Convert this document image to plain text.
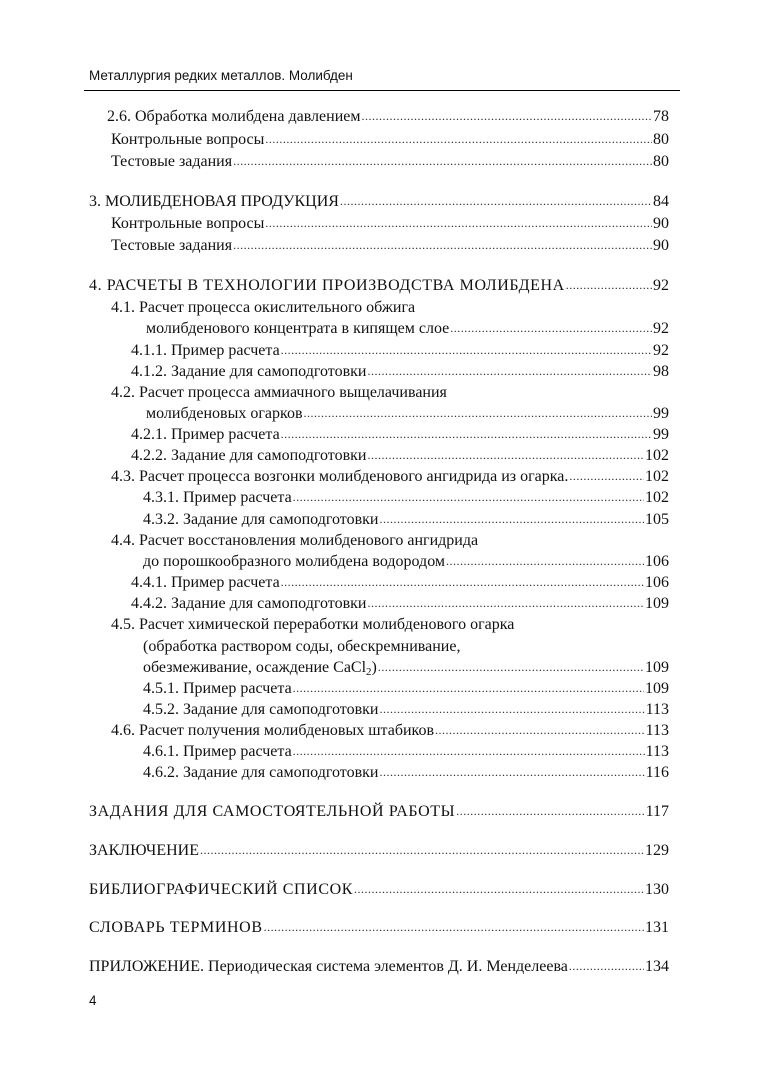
Металлургия редких металлов. Молибден
2.6. Обработка молибдена давлением .....	78
Контрольные вопросы .....	80
Тестовые задания .....	80
3. МОЛИБДЕНОВАЯ ПРОДУКЦИЯ .....	84
Контрольные вопросы .....	90
Тестовые задания .....	90
4. РАСЧЕТЫ В ТЕХНОЛОГИИ ПРОИЗВОДСТВА МОЛИБДЕНА .....	92
4.1. Расчет процесса окислительного обжига
молибденового концентрата в кипящем слое .....	92
4.1.1. Пример расчета .....	92
4.1.2. Задание для самоподготовки .....	98
4.2. Расчет процесса аммиачного выщелачивания
молибденовых огарков .....	99
4.2.1. Пример расчета .....	99
4.2.2. Задание для самоподготовки .....	102
4.3. Расчет процесса возгонки молибденового ангидрида из огарка. .....	102
4.3.1. Пример расчета .....	102
4.3.2. Задание для самоподготовки .....	105
4.4. Расчет восстановления молибденового ангидрида
до порошкообразного молибдена водородом .....	106
4.4.1. Пример расчета .....	106
4.4.2. Задание для самоподготовки .....	109
4.5. Расчет химической переработки молибденового огарка
(обработка раствором соды, обескремнивание,
обезмеживание, осаждение CaCl$_2$) .....	109
4.5.1. Пример расчета .....	109
4.5.2. Задание для самоподготовки .....	113
4.6. Расчет получения молибденовых штабиков .....	113
4.6.1. Пример расчета .....	113
4.6.2. Задание для самоподготовки .....	116
ЗАДАНИЯ ДЛЯ САМОСТОЯТЕЛЬНОЙ РАБОТЫ .....	117
ЗАКЛЮЧЕНИЕ .....	129
БИБЛИОГРАФИЧЕСКИЙ СПИСОК .....	130
СЛОВАРЬ ТЕРМИНОВ .....	131
ПРИЛОЖЕНИЕ. Периодическая система элементов Д. И. Менделеева .....	134
4
